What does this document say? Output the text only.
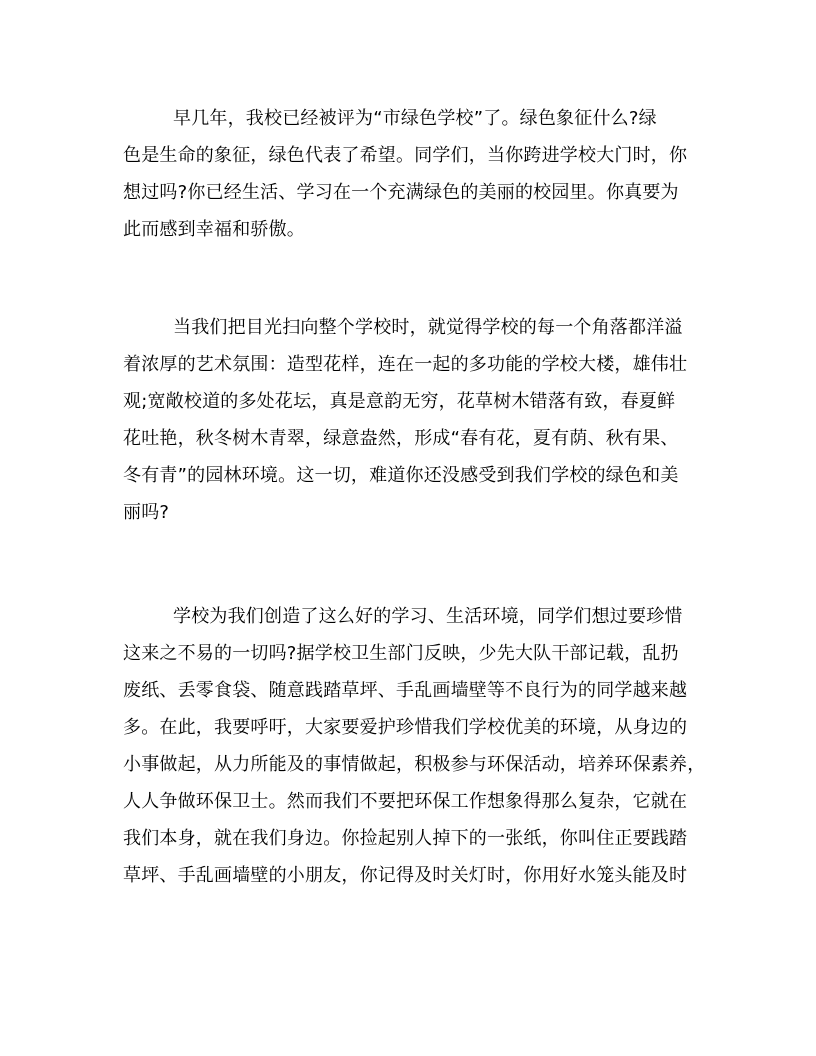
早几年，我校已经被评为“市绿色学校”了。绿色象征什么?绿
色是生命的象征，绿色代表了希望。同学们，当你跨进学校大门时，你
想过吗?你已经生活、学习在一个充满绿色的美丽的校园里。你真要为
此而感到幸福和骄傲。
当我们把目光扫向整个学校时，就觉得学校的每一个角落都洋溢
着浓厚的艺术氛围：造型花样，连在一起的多功能的学校大楼，雄伟壮
观;宽敞校道的多处花坛，真是意韵无穷，花草树木错落有致，春夏鲜
花吐艳，秋冬树木青翠，绿意盎然，形成“春有花，夏有荫、秋有果、
冬有青”的园林环境。这一切，难道你还没感受到我们学校的绿色和美
丽吗?
学校为我们创造了这么好的学习、生活环境，同学们想过要珍惜
这来之不易的一切吗?据学校卫生部门反映，少先大队干部记载，乱扔
废纸、丢零食袋、随意践踏草坪、手乱画墙壁等不良行为的同学越来越
多。在此，我要呼吁，大家要爱护珍惜我们学校优美的环境，从身边的
小事做起，从力所能及的事情做起，积极参与环保活动，培养环保素养，
人人争做环保卫士。然而我们不要把环保工作想象得那么复杂，它就在
我们本身，就在我们身边。你捡起别人掉下的一张纸，你叫住正要践踏
草坪、手乱画墙壁的小朋友，你记得及时关灯时，你用好水笼头能及时
